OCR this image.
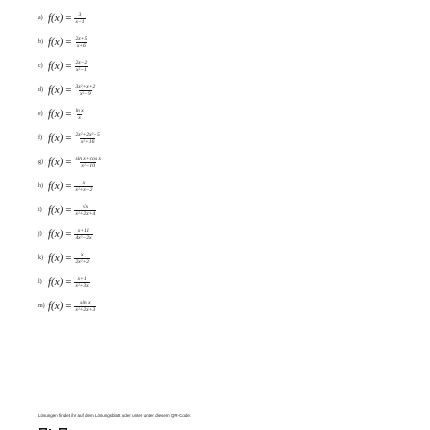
a) $f(x) = \frac{3}{x-1}$
b) $f(x) = \frac{2x+5}{x+6}$
c) $f(x) = \frac{2x-2}{\text{x²−1}}$
d) $f(x) = \frac{\text{3x²+x+2}}{\text{x²−9}}$
e) $f(x) = \frac{\text{ln x}}{x}$
f) $f(x) = \frac{\text{2x²+2x²−5}}{\text{x²+16}}$
g) $f(x) = \frac{\text{sin x+cos x}}{\text{x²−10}}$
h) $f(x) = \frac{x}{\text{x²+x−2}}$
i) $f(x) = \frac{√x}{\text{x²+2x+4}}$
j) $f(x) = \frac{x+11}{\text{4x²−2x}}$
k) $f(x) = \frac{x}{\text{2x²+2}}$
l) $f(x) = \frac{x+1}{\text{x²+3x}}$
m) $f(x) = \frac{\text{sin x}}{\text{x²+2x+3}}$
Lösungen findet ihr auf dem Lösungsblatt oder unter unter diesem QR-Code:
